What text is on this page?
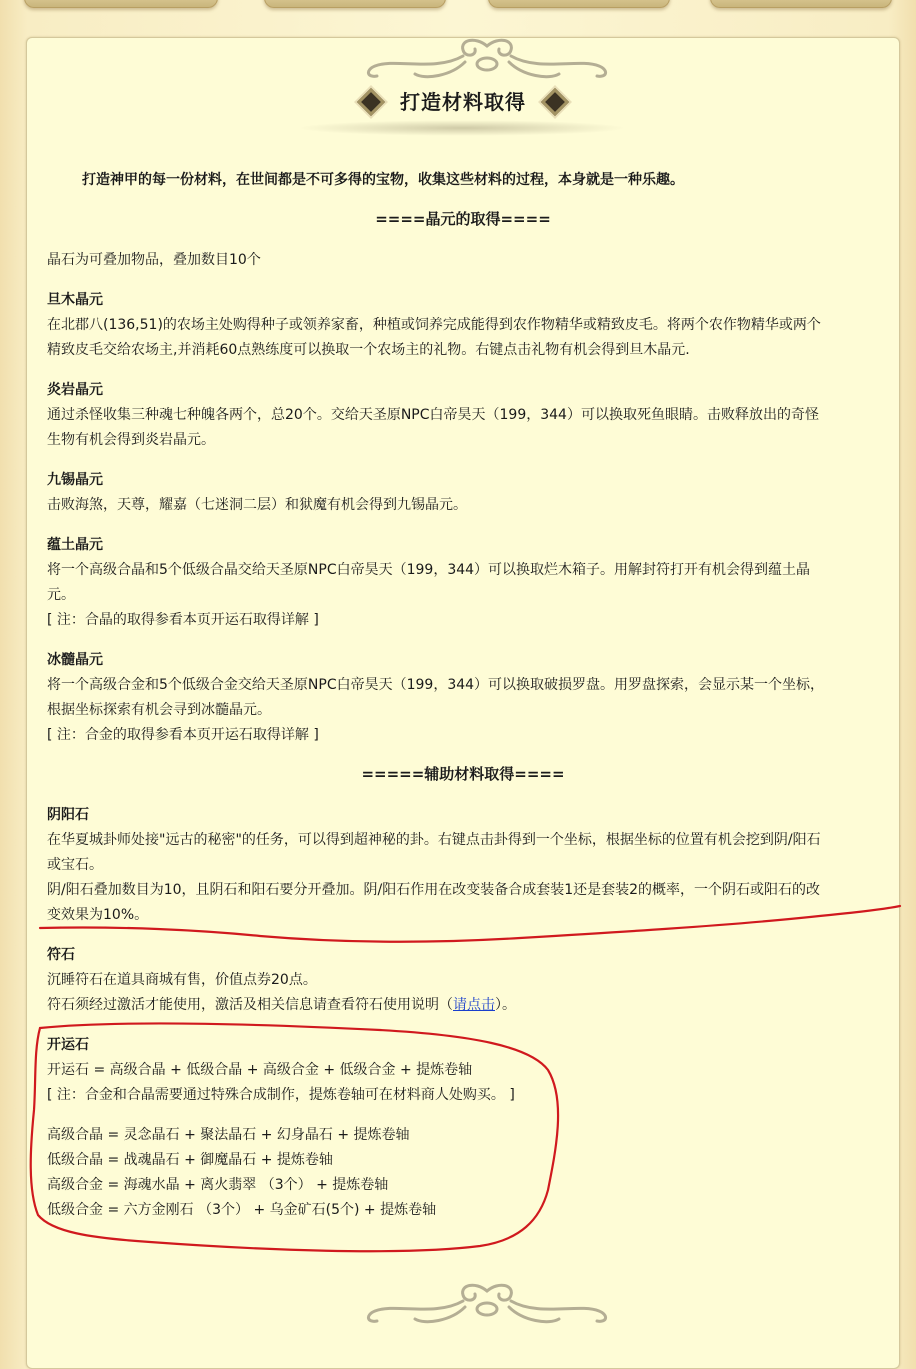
打造材料取得
打造神甲的每一份材料，在世间都是不可多得的宝物，收集这些材料的过程，本身就是一种乐趣。
====晶元的取得====

晶石为可叠加物品，叠加数目10个

旦木晶元

在北郡八(136,51)的农场主处购得种子或领养家畜，种植或饲养完成能得到农作物精华或精致皮毛。将两个农作物精华或两个

精致皮毛交给农场主,并消耗60点熟练度可以换取一个农场主的礼物。右键点击礼物有机会得到旦木晶元.

炎岩晶元

通过杀怪收集三种魂七种魄各两个，总20个。交给天圣原NPC白帝昊天（199，344）可以换取死鱼眼睛。击败释放出的奇怪

生物有机会得到炎岩晶元。

九锡晶元

击败海煞，天尊，耀嘉（七迷洞二层）和狱魔有机会得到九锡晶元。

蕴土晶元

将一个高级合晶和5个低级合晶交给天圣原NPC白帝昊天（199，344）可以换取烂木箱子。用解封符打开有机会得到蕴土晶

元。

[ 注：合晶的取得参看本页开运石取得详解 ]

冰髓晶元

将一个高级合金和5个低级合金交给天圣原NPC白帝昊天（199，344）可以换取破损罗盘。用罗盘探索，会显示某一个坐标，

根据坐标探索有机会寻到冰髓晶元。

[ 注：合金的取得参看本页开运石取得详解 ]

=====辅助材料取得====

阴阳石

在华夏城卦师处接"远古的秘密"的任务，可以得到超神秘的卦。右键点击卦得到一个坐标，根据坐标的位置有机会挖到阴/阳石

或宝石。

阴/阳石叠加数目为10，且阴石和阳石要分开叠加。阴/阳石作用在改变装备合成套装1还是套装2的概率，一个阴石或阳石的改

变效果为10%。

符石

沉睡符石在道具商城有售，价值点券20点。

符石须经过激活才能使用，激活及相关信息请查看符石使用说明（请点击）。

开运石

开运石 = 高级合晶 + 低级合晶 + 高级合金 + 低级合金 + 提炼卷轴

[ 注：合金和合晶需要通过特殊合成制作，提炼卷轴可在材料商人处购买。 ]

高级合晶 = 灵念晶石 + 聚法晶石 + 幻身晶石 + 提炼卷轴

低级合晶 = 战魂晶石 + 御魔晶石 + 提炼卷轴

高级合金 = 海魂水晶 + 离火翡翠 （3个） + 提炼卷轴

低级合金 = 六方金刚石 （3个） + 乌金矿石(5个) + 提炼卷轴
